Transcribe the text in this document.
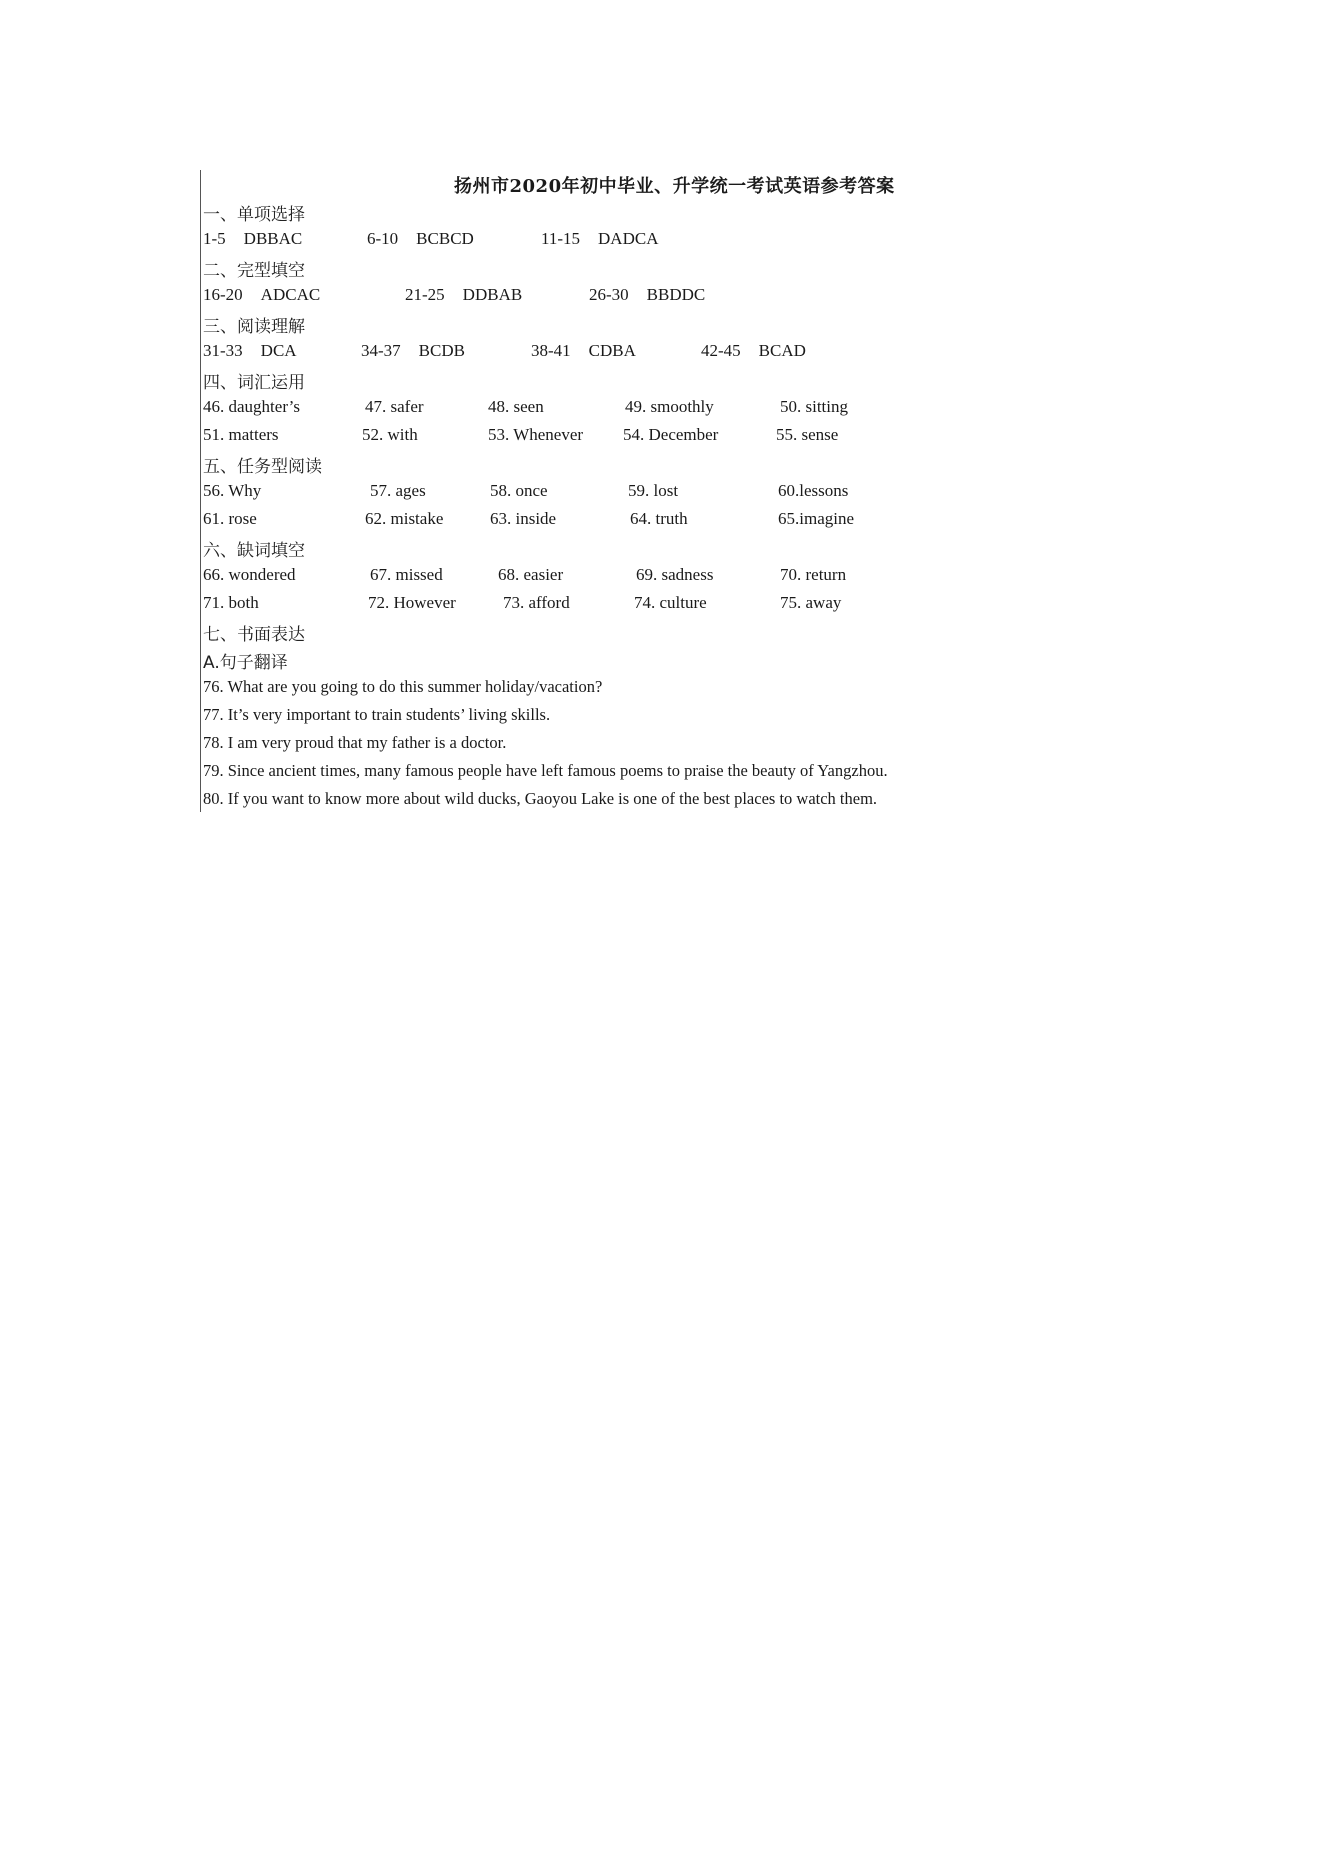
扬州市2020年初中毕业、升学统一考试英语参考答案
一、单项选择
1-5 DBBAC	6-10 BCBCD	11-15 DADCA
二、完型填空
16-20 ADCAC	21-25 DDBAB	26-30 BBDDC
三、阅读理解
31-33 DCA	34-37 BCDB	38-41 CDBA	42-45 BCAD
四、词汇运用
46. daughter’s	47. safer	48. seen	49. smoothly	50. sitting
51. matters	52. with	53. Whenever 54. December	55. sense
五、任务型阅读
56. Why	57. ages	58. once	59. lost	60.lessons
61. rose	62. mistake	63. inside	64. truth	65.imagine
六、缺词填空
66. wondered	67. missed	68. easier	69. sadness	70. return
71. both	72. However	73. afford	74. culture	75. away
七、书面表达
A.句子翻译
76. What are you going to do this summer holiday/vacation?
77. It’s very important to train students’ living skills.
78. I am very proud that my father is a doctor.
79. Since ancient times, many famous people have left famous poems to praise the beauty of Yangzhou.
80. If you want to know more about wild ducks, Gaoyou Lake is one of the best places to watch them.
